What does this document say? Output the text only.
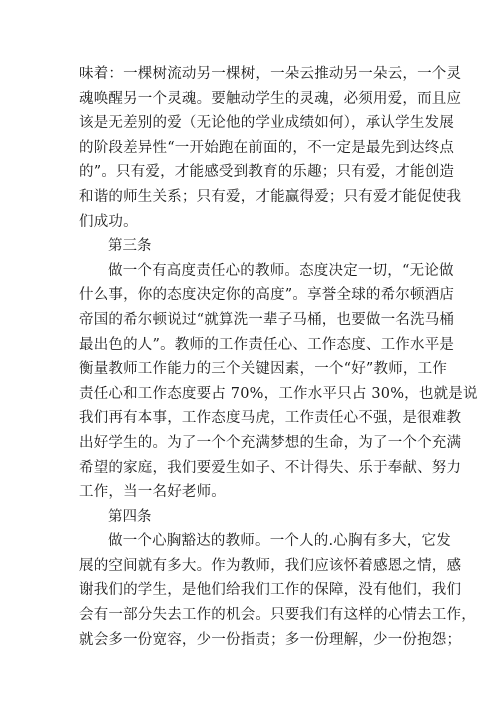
味着：一棵树流动另一棵树，一朵云推动另一朵云，一个灵
魂唤醒另一个灵魂。要触动学生的灵魂，必须用爱，而且应
该是无差别的爱（无论他的学业成绩如何），承认学生发展
的阶段差异性“一开始跑在前面的，不一定是最先到达终点
的”。只有爱，才能感受到教育的乐趣；只有爱，才能创造
和谐的师生关系；只有爱，才能赢得爱；只有爱才能促使我
们成功。
第三条
做一个有高度责任心的教师。态度决定一切，“无论做
什么事，你的态度决定你的高度”。享誉全球的希尔顿酒店
帝国的希尔顿说过“就算洗一辈子马桶，也要做一名洗马桶
最出色的人”。教师的工作责任心、工作态度、工作水平是
衡量教师工作能力的三个关键因素，一个“好”教师，工作
责任心和工作态度要占 70%，工作水平只占 30%，也就是说
我们再有本事，工作态度马虎，工作责任心不强，是很难教
出好学生的。为了一个个充满梦想的生命，为了一个个充满
希望的家庭，我们要爱生如子、不计得失、乐于奉献、努力
工作，当一名好老师。
第四条
做一个心胸豁达的教师。一个人的.心胸有多大，它发
展的空间就有多大。作为教师，我们应该怀着感恩之情，感
谢我们的学生，是他们给我们工作的保障，没有他们，我们
会有一部分失去工作的机会。只要我们有这样的心情去工作，
就会多一份宽容，少一份指责；多一份理解，少一份抱怨；
